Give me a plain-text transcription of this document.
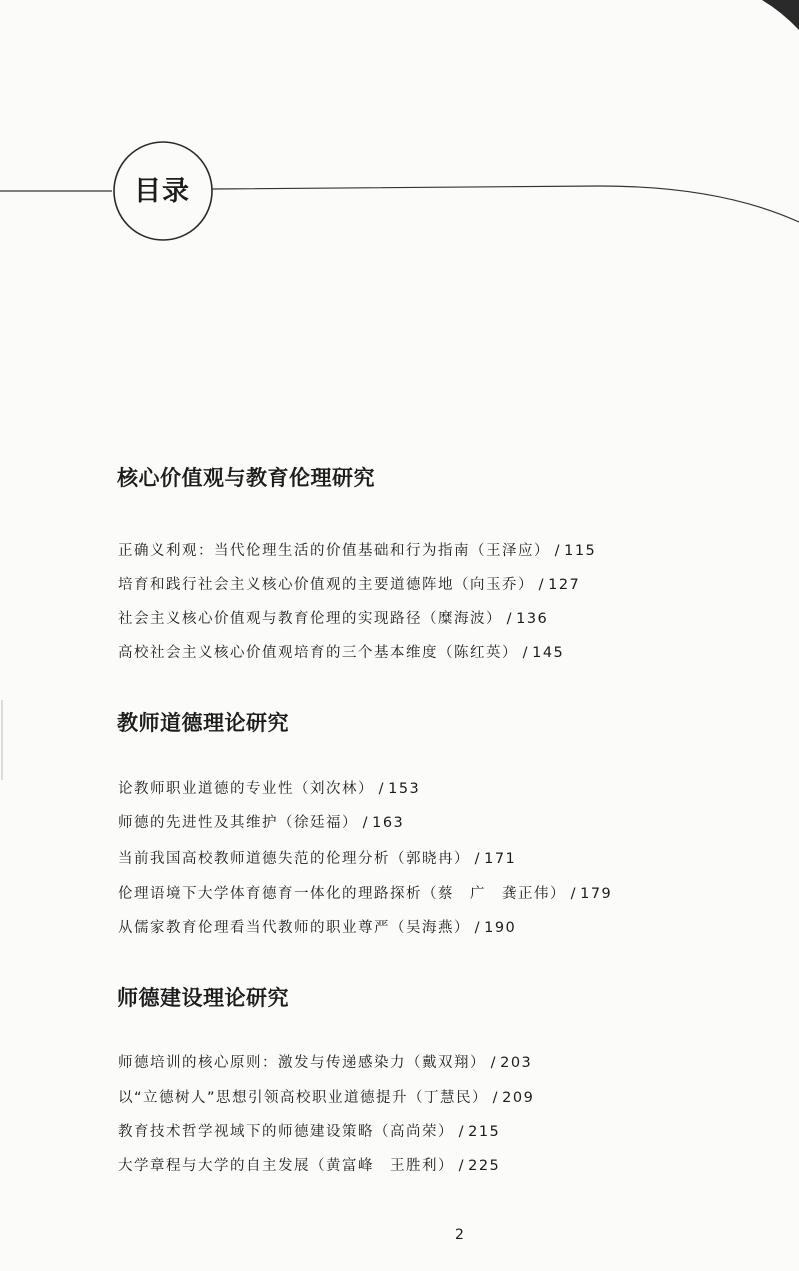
目录
核心价值观与教育伦理研究
正确义利观：当代伦理生活的价值基础和行为指南（王泽应） / 115
培育和践行社会主义核心价值观的主要道德阵地（向玉乔） / 127
社会主义核心价值观与教育伦理的实现路径（糜海波） / 136
高校社会主义核心价值观培育的三个基本维度（陈红英） / 145
教师道德理论研究
论教师职业道德的专业性（刘次林） / 153
师德的先进性及其维护（徐廷福） / 163
当前我国高校教师道德失范的伦理分析（郭晓冉） / 171
伦理语境下大学体育德育一体化的理路探析（蔡　广　龚正伟） / 179
从儒家教育伦理看当代教师的职业尊严（吴海燕） / 190
师德建设理论研究
师德培训的核心原则：激发与传递感染力（戴双翔） / 203
以“立德树人”思想引领高校职业道德提升（丁慧民） / 209
教育技术哲学视域下的师德建设策略（高尚荣） / 215
大学章程与大学的自主发展（黄富峰　王胜利） / 225
2
